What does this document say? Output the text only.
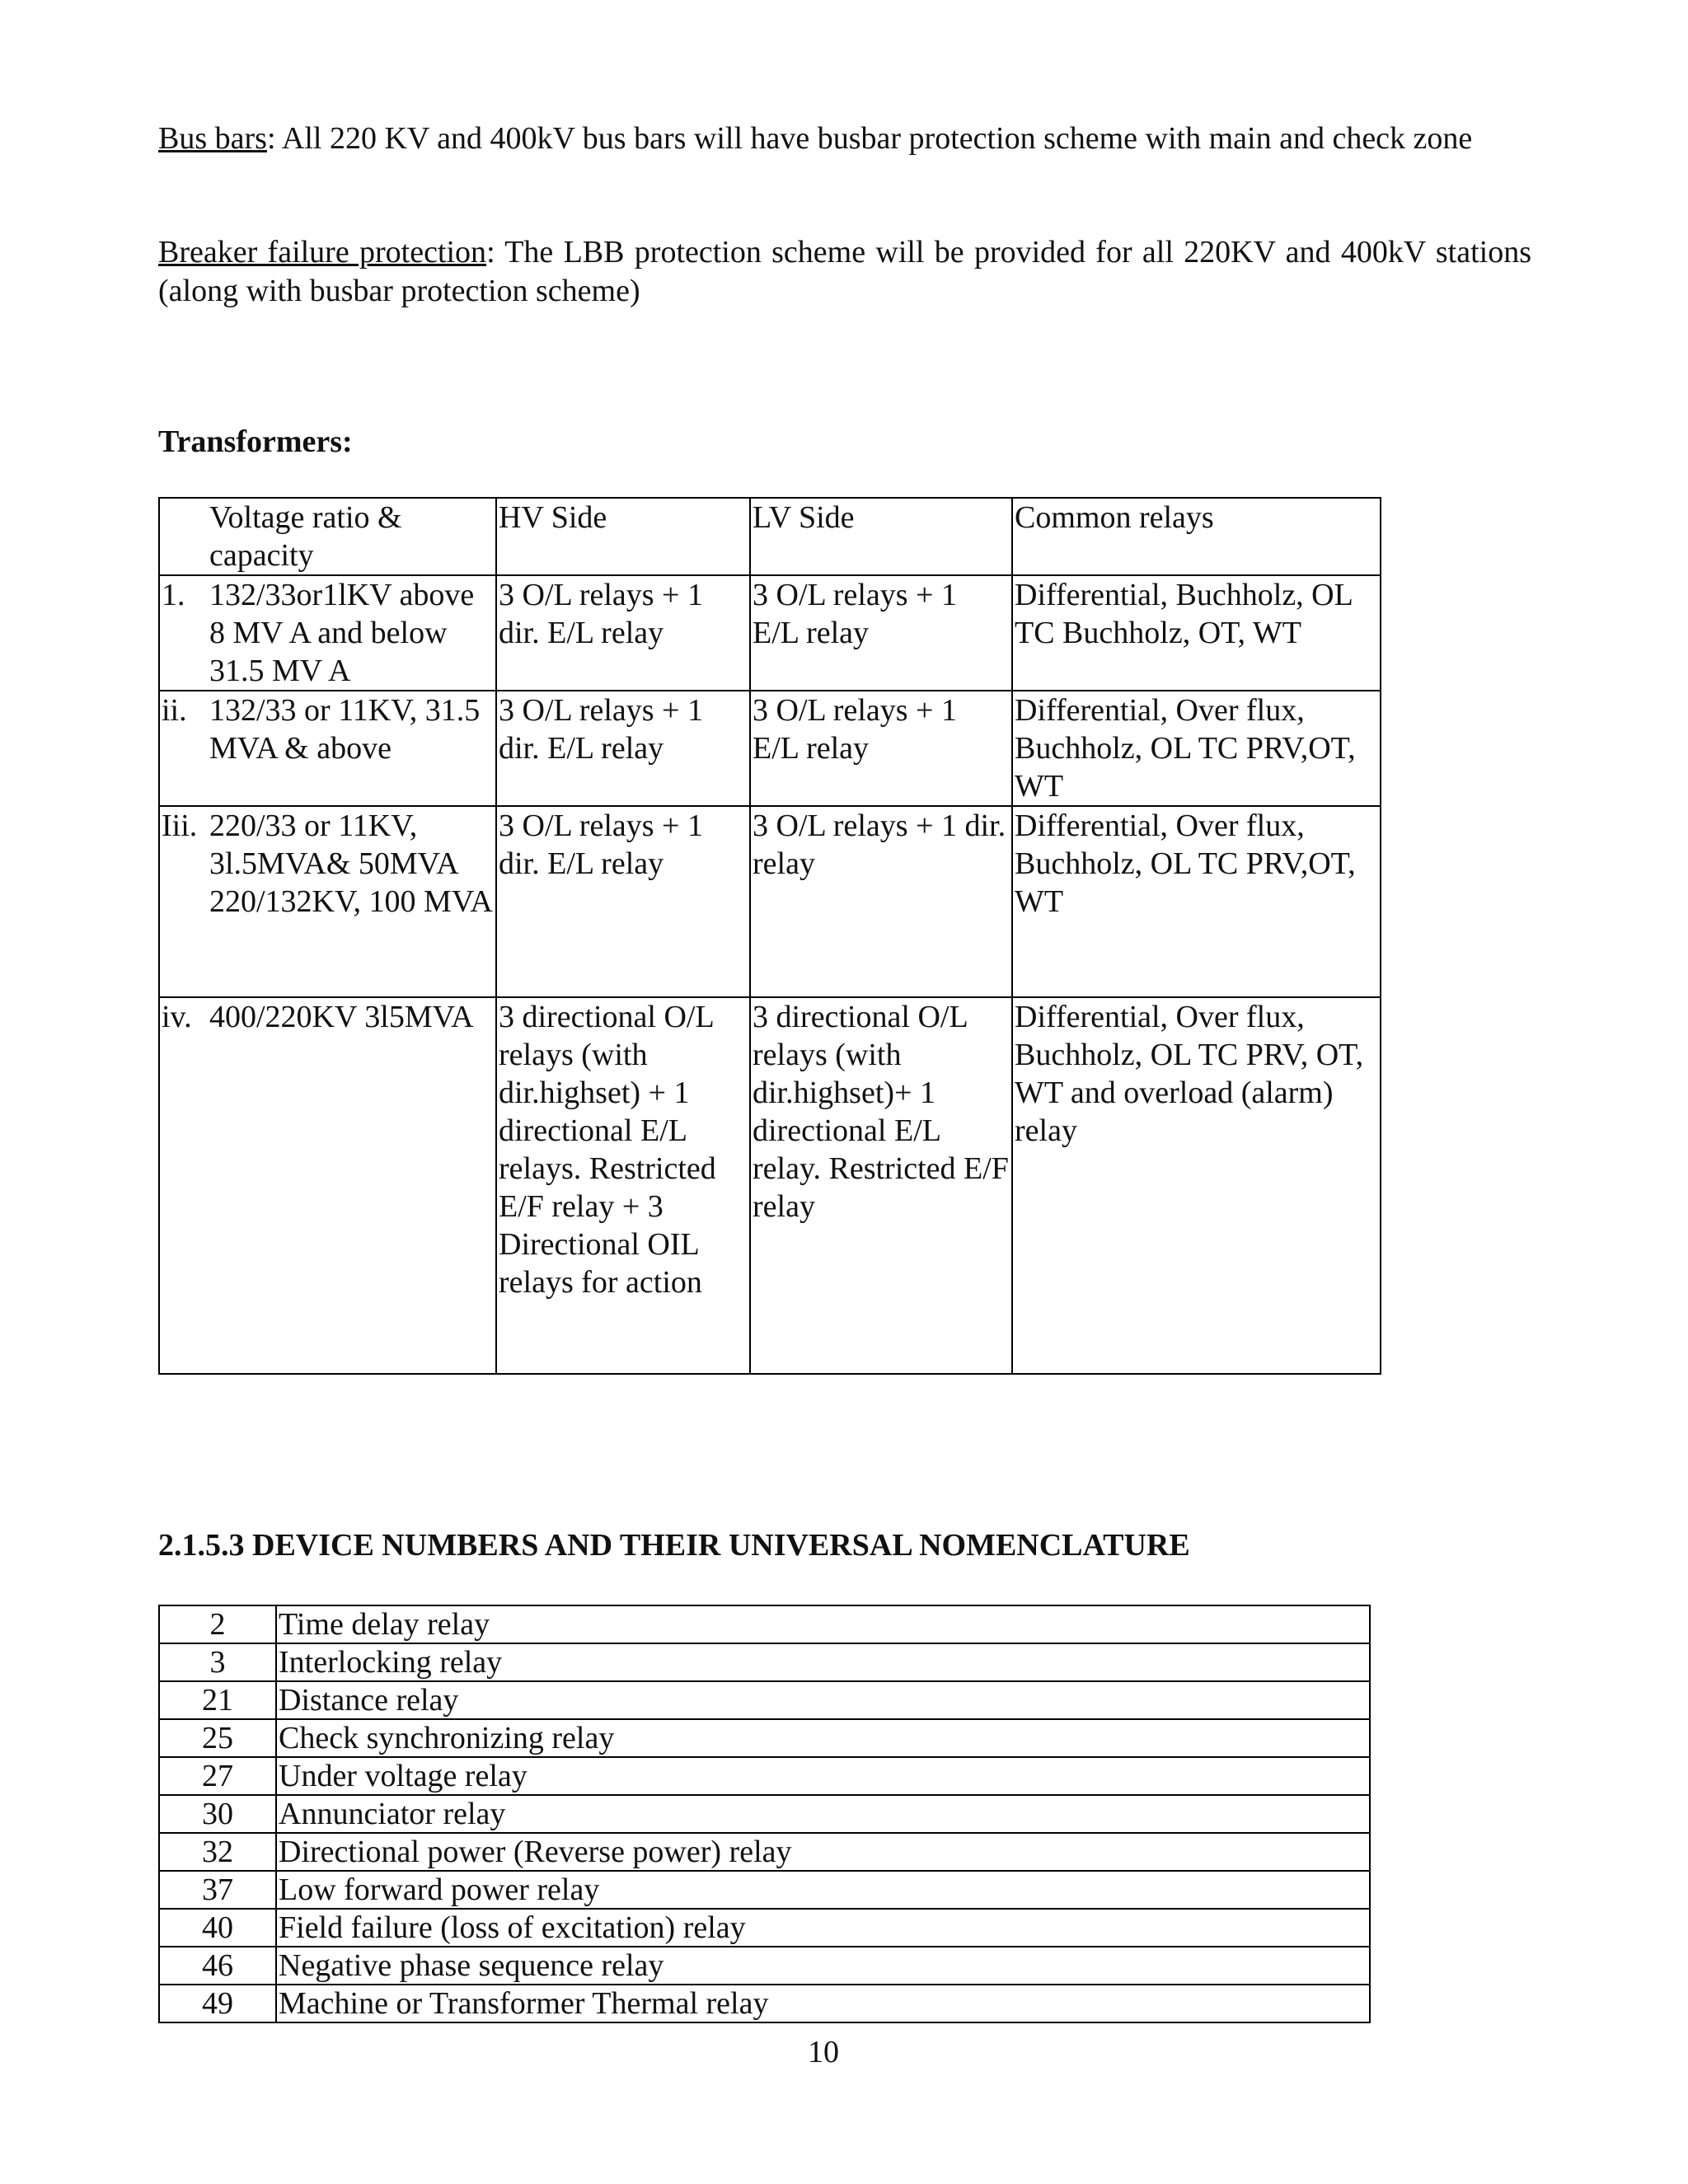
Bus bars: All 220 KV and 400kV bus bars will have busbar protection scheme with main and check zone
Breaker failure protection: The LBB protection scheme will be provided for all 220KV and 400kV stations (along with busbar protection scheme)
Transformers:
Voltage ratio & capacity	HV Side	LV Side	Common relays

1. 132/33or1lKV above 8 MV A and below 31.5 MV A	3 O/L relays + 1 dir. E/L relay	3 O/L relays + 1 E/L relay	Differential, Buchholz, OL TC Buchholz, OT, WT

ii. 132/33 or 11KV, 31.5 MVA & above	3 O/L relays + 1 dir. E/L relay	3 O/L relays + 1 E/L relay	Differential, Over flux, Buchholz, OL TC PRV,OT, WT

Iii. 220/33 or 11KV, 3l.5MVA& 50MVA 220/132KV, 100 MVA	3 O/L relays + 1 dir. E/L relay	3 O/L relays + 1 dir. relay	Differential, Over flux, Buchholz, OL TC PRV,OT, WT

iv. 400/220KV 3l5MVA	3 directional O/L relays (with dir.highset) + 1 directional E/L relays. Restricted E/F relay + 3 Directional OIL relays for action	3 directional O/L relays (with dir.highset)+ 1 directional E/L relay. Restricted E/F relay	Differential, Over flux, Buchholz, OL TC PRV, OT, WT and overload (alarm) relay
2.1.5.3 DEVICE NUMBERS AND THEIR UNIVERSAL NOMENCLATURE
2	Time delay relay
3	Interlocking relay
21	Distance relay
25	Check synchronizing relay
27	Under voltage relay
30	Annunciator relay
32	Directional power (Reverse power) relay
37	Low forward power relay
40	Field failure (loss of excitation) relay
46	Negative phase sequence relay
49	Machine or Transformer Thermal relay
10
